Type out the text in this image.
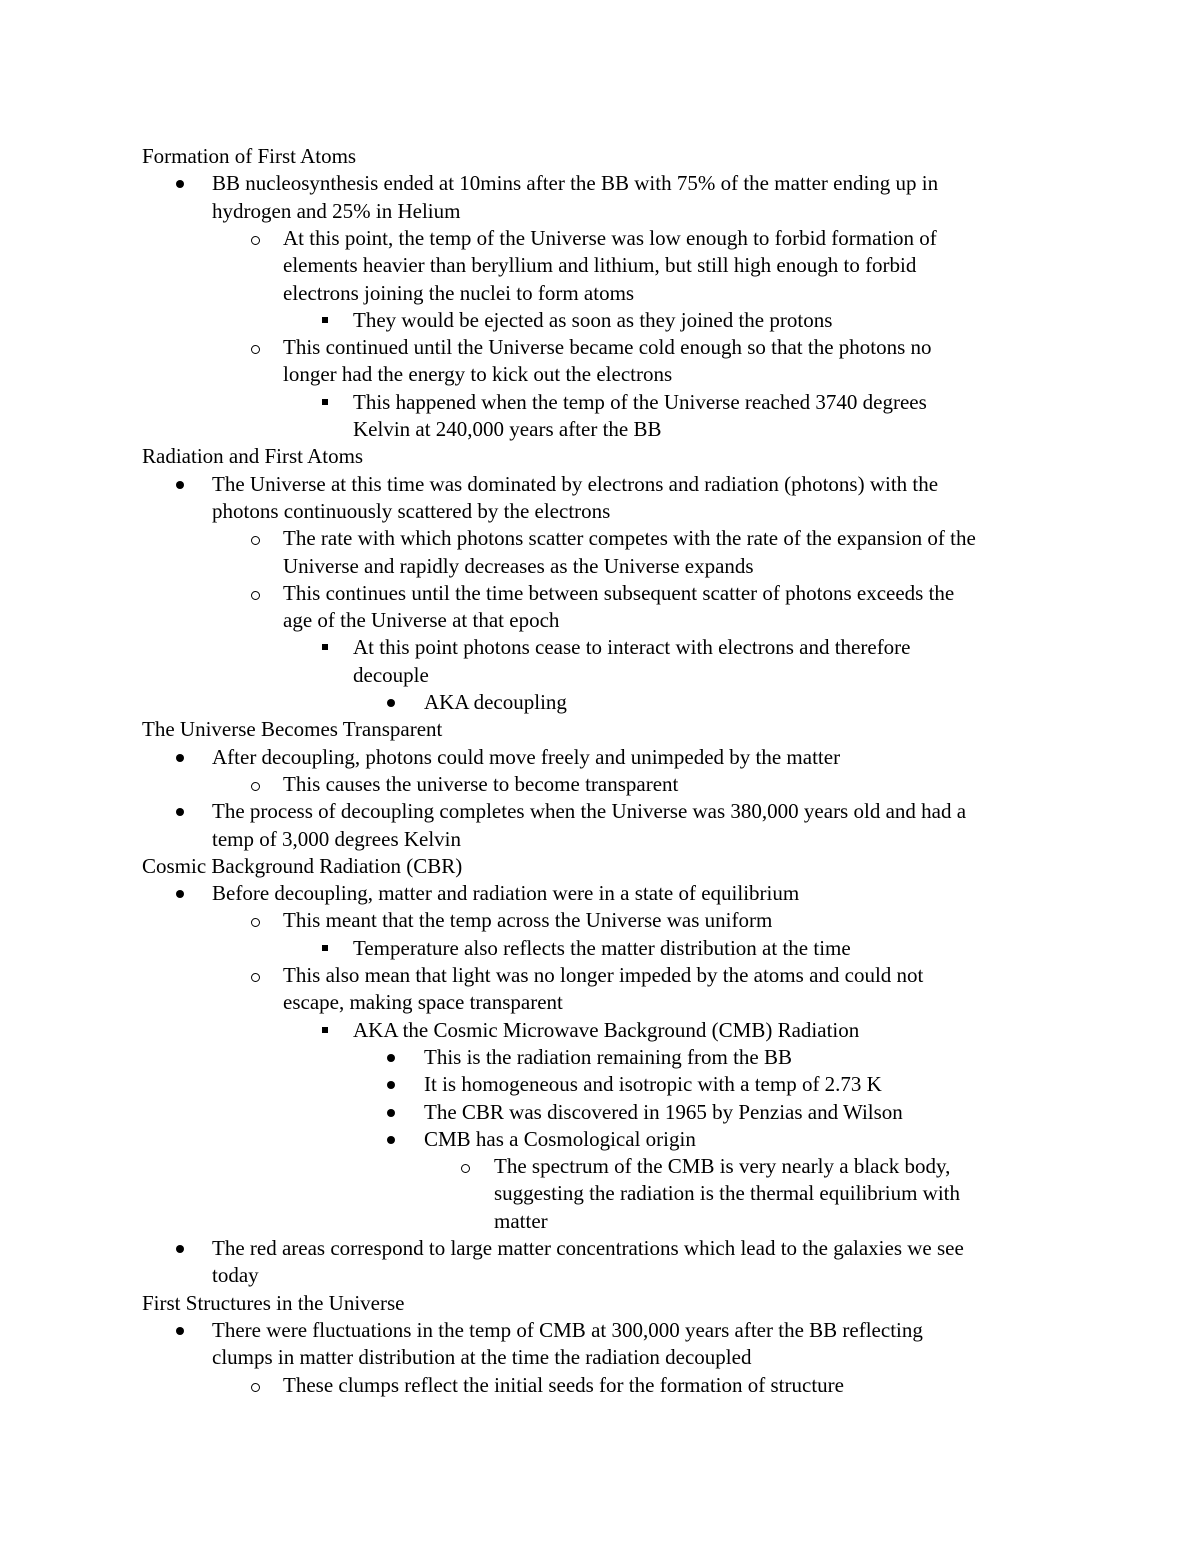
Formation of First Atoms
BB nucleosynthesis ended at 10mins after the BB with 75% of the matter ending up in
hydrogen and 25% in Helium
At this point, the temp of the Universe was low enough to forbid formation of
elements heavier than beryllium and lithium, but still high enough to forbid
electrons joining the nuclei to form atoms
They would be ejected as soon as they joined the protons
This continued until the Universe became cold enough so that the photons no
longer had the energy to kick out the electrons
This happened when the temp of the Universe reached 3740 degrees
Kelvin at 240,000 years after the BB
Radiation and First Atoms
The Universe at this time was dominated by electrons and radiation (photons) with the
photons continuously scattered by the electrons
The rate with which photons scatter competes with the rate of the expansion of the
Universe and rapidly decreases as the Universe expands
This continues until the time between subsequent scatter of photons exceeds the
age of the Universe at that epoch
At this point photons cease to interact with electrons and therefore
decouple
AKA decoupling
The Universe Becomes Transparent
After decoupling, photons could move freely and unimpeded by the matter
This causes the universe to become transparent
The process of decoupling completes when the Universe was 380,000 years old and had a
temp of 3,000 degrees Kelvin
Cosmic Background Radiation (CBR)
Before decoupling, matter and radiation were in a state of equilibrium
This meant that the temp across the Universe was uniform
Temperature also reflects the matter distribution at the time
This also mean that light was no longer impeded by the atoms and could not
escape, making space transparent
AKA the Cosmic Microwave Background (CMB) Radiation
This is the radiation remaining from the BB
It is homogeneous and isotropic with a temp of 2.73 K
The CBR was discovered in 1965 by Penzias and Wilson
CMB has a Cosmological origin
The spectrum of the CMB is very nearly a black body,
suggesting the radiation is the thermal equilibrium with
matter
The red areas correspond to large matter concentrations which lead to the galaxies we see
today
First Structures in the Universe
There were fluctuations in the temp of CMB at 300,000 years after the BB reflecting
clumps in matter distribution at the time the radiation decoupled
These clumps reflect the initial seeds for the formation of structure
